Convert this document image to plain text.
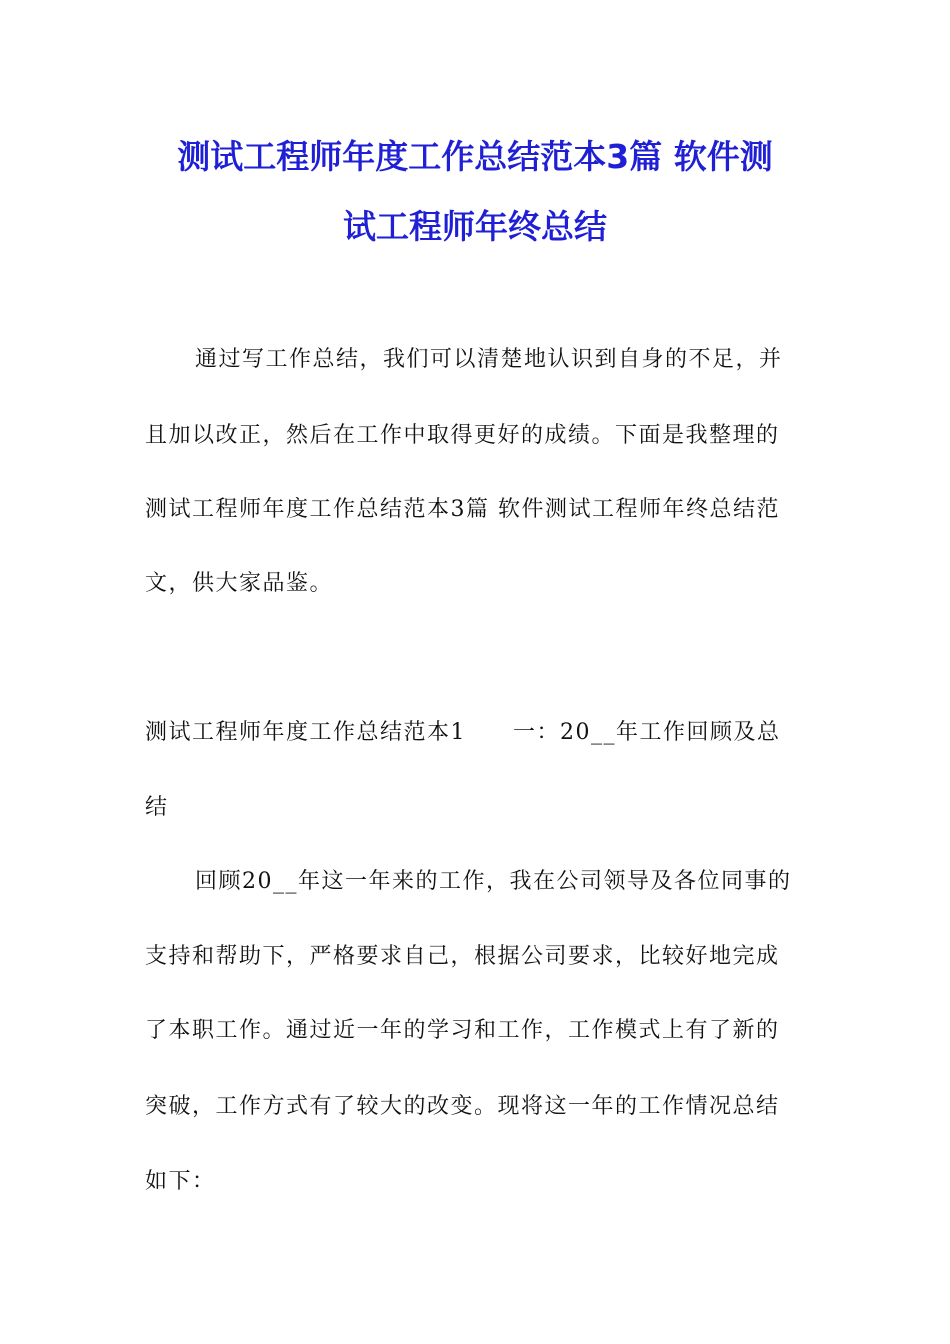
测试工程师年度工作总结范本3篇 软件测
试工程师年终总结
通过写工作总结，我们可以清楚地认识到自身的不足，并
且加以改正，然后在工作中取得更好的成绩。下面是我整理的
测试工程师年度工作总结范本3篇 软件测试工程师年终总结范
文，供大家品鉴。
测试工程师年度工作总结范本1　　一：20__年工作回顾及总
结
回顾20__年这一年来的工作，我在公司领导及各位同事的
支持和帮助下，严格要求自己，根据公司要求，比较好地完成
了本职工作。通过近一年的学习和工作，工作模式上有了新的
突破，工作方式有了较大的改变。现将这一年的工作情况总结
如下：
